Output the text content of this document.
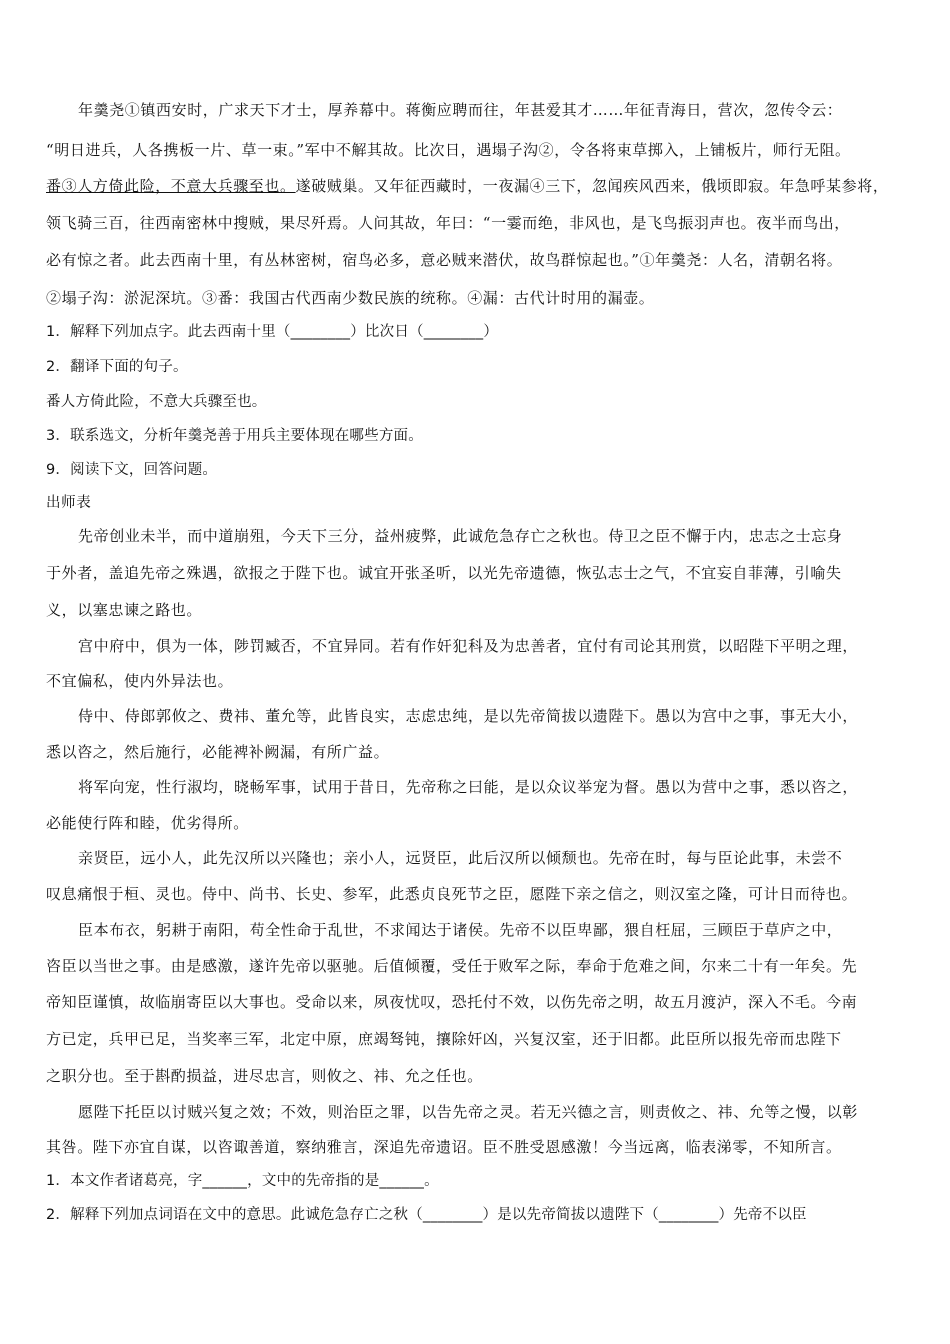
年羹尧①镇西安时，广求天下才士，厚养幕中。蒋衡应聘而往，年甚爱其才……年征青海日，营次，忽传令云：
“明日进兵，人各携板一片、草一束。”军中不解其故。比次日，遇塌子沟②，令各将束草掷入，上铺板片，师行无阻。
番③人方倚此险，不意大兵骤至也。遂破贼巢。又年征西藏时，一夜漏④三下，忽闻疾风西来，俄顷即寂。年急呼某参将，
领飞骑三百，往西南密林中搜贼，果尽歼焉。人问其故，年曰：“一霎而绝，非风也，是飞鸟振羽声也。夜半而鸟出，
必有惊之者。此去西南十里，有丛林密树，宿鸟必多，意必贼来潜伏，故鸟群惊起也。”①年羹尧：人名，清朝名将。
②塌子沟：淤泥深坑。③番：我国古代西南少数民族的统称。④漏：古代计时用的漏壶。
1．解释下列加点字。此去西南十里（________）比次日（________）
2．翻译下面的句子。
番人方倚此险，不意大兵骤至也。
3．联系选文，分析年羹尧善于用兵主要体现在哪些方面。
9．阅读下文，回答问题。
出师表
先帝创业未半，而中道崩殂，今天下三分，益州疲弊，此诚危急存亡之秋也。侍卫之臣不懈于内，忠志之士忘身
于外者，盖追先帝之殊遇，欲报之于陛下也。诚宜开张圣听，以光先帝遗德，恢弘志士之气，不宜妄自菲薄，引喻失
义，以塞忠谏之路也。
宫中府中，俱为一体，陟罚臧否，不宜异同。若有作奸犯科及为忠善者，宜付有司论其刑赏，以昭陛下平明之理，
不宜偏私，使内外异法也。
侍中、侍郎郭攸之、费祎、董允等，此皆良实，志虑忠纯，是以先帝简拔以遗陛下。愚以为宫中之事，事无大小，
悉以咨之，然后施行，必能裨补阙漏，有所广益。
将军向宠，性行淑均，晓畅军事，试用于昔日，先帝称之曰能，是以众议举宠为督。愚以为营中之事，悉以咨之，
必能使行阵和睦，优劣得所。
亲贤臣，远小人，此先汉所以兴隆也；亲小人，远贤臣，此后汉所以倾颓也。先帝在时，每与臣论此事，未尝不
叹息痛恨于桓、灵也。侍中、尚书、长史、参军，此悉贞良死节之臣，愿陛下亲之信之，则汉室之隆，可计日而待也。
臣本布衣，躬耕于南阳，苟全性命于乱世，不求闻达于诸侯。先帝不以臣卑鄙，猥自枉屈，三顾臣于草庐之中，
咨臣以当世之事。由是感激，遂许先帝以驱驰。后值倾覆，受任于败军之际，奉命于危难之间，尔来二十有一年矣。先
帝知臣谨慎，故临崩寄臣以大事也。受命以来，夙夜忧叹，恐托付不效，以伤先帝之明，故五月渡泸，深入不毛。今南
方已定，兵甲已足，当奖率三军，北定中原，庶竭驽钝，攘除奸凶，兴复汉室，还于旧都。此臣所以报先帝而忠陛下
之职分也。至于斟酌损益，进尽忠言，则攸之、祎、允之任也。
愿陛下托臣以讨贼兴复之效；不效，则治臣之罪，以告先帝之灵。若无兴德之言，则责攸之、祎、允等之慢，以彰
其咎。陛下亦宜自谋，以咨诹善道，察纳雅言，深追先帝遗诏。臣不胜受恩感激！今当远离，临表涕零，不知所言。
1．本文作者诸葛亮，字______，文中的先帝指的是______。
2．解释下列加点词语在文中的意思。此诚危急存亡之秋（________）是以先帝简拔以遗陛下（________）先帝不以臣
